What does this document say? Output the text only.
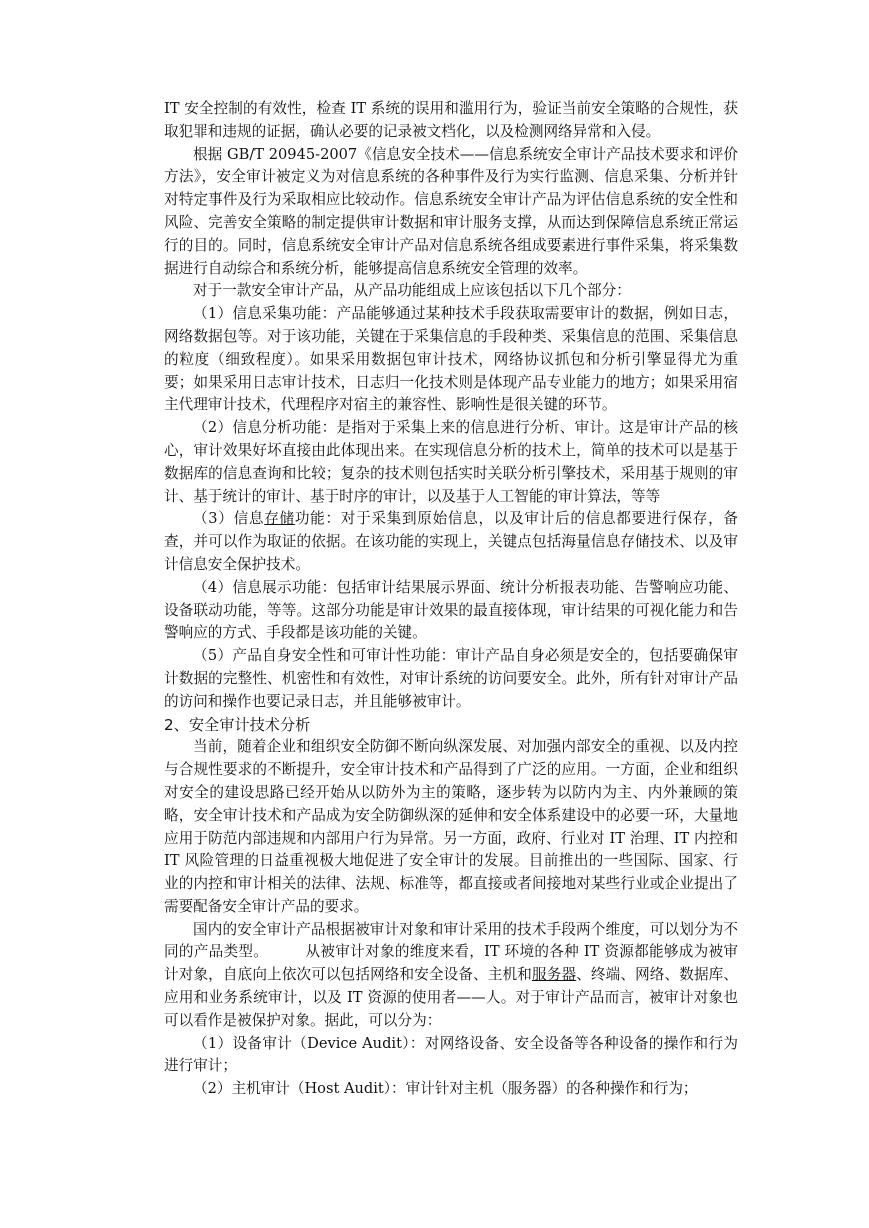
IT 安全控制的有效性，检查 IT 系统的误用和滥用行为，验证当前安全策略的合规性，获取犯罪和违规的证据，确认必要的记录被文档化，以及检测网络异常和入侵。

根据 GB/T 20945-2007《信息安全技术——信息系统安全审计产品技术要求和评价方法》，安全审计被定义为对信息系统的各种事件及行为实行监测、信息采集、分析并针对特定事件及行为采取相应比较动作。信息系统安全审计产品为评估信息系统的安全性和风险、完善安全策略的制定提供审计数据和审计服务支撑，从而达到保障信息系统正常运行的目的。同时，信息系统安全审计产品对信息系统各组成要素进行事件采集，将采集数据进行自动综合和系统分析，能够提高信息系统安全管理的效率。

对于一款安全审计产品，从产品功能组成上应该包括以下几个部分：

（1）信息采集功能：产品能够通过某种技术手段获取需要审计的数据，例如日志，网络数据包等。对于该功能，关键在于采集信息的手段种类、采集信息的范围、采集信息的粒度（细致程度）。如果采用数据包审计技术，网络协议抓包和分析引擎显得尤为重要；如果采用日志审计技术，日志归一化技术则是体现产品专业能力的地方；如果采用宿主代理审计技术，代理程序对宿主的兼容性、影响性是很关键的环节。

（2）信息分析功能：是指对于采集上来的信息进行分析、审计。这是审计产品的核心，审计效果好坏直接由此体现出来。在实现信息分析的技术上，简单的技术可以是基于数据库的信息查询和比较；复杂的技术则包括实时关联分析引擎技术，采用基于规则的审计、基于统计的审计、基于时序的审计，以及基于人工智能的审计算法，等等

（3）信息存储功能：对于采集到原始信息，以及审计后的信息都要进行保存，备查，并可以作为取证的依据。在该功能的实现上，关键点包括海量信息存储技术、以及审计信息安全保护技术。

（4）信息展示功能：包括审计结果展示界面、统计分析报表功能、告警响应功能、设备联动功能，等等。这部分功能是审计效果的最直接体现，审计结果的可视化能力和告警响应的方式、手段都是该功能的关键。

（5）产品自身安全性和可审计性功能：审计产品自身必须是安全的，包括要确保审计数据的完整性、机密性和有效性，对审计系统的访问要安全。此外，所有针对审计产品的访问和操作也要记录日志，并且能够被审计。

2、安全审计技术分析

当前，随着企业和组织安全防御不断向纵深发展、对加强内部安全的重视、以及内控与合规性要求的不断提升，安全审计技术和产品得到了广泛的应用。一方面，企业和组织对安全的建设思路已经开始从以防外为主的策略，逐步转为以防内为主、内外兼顾的策略，安全审计技术和产品成为安全防御纵深的延伸和安全体系建设中的必要一环，大量地应用于防范内部违规和内部用户行为异常。另一方面，政府、行业对 IT 治理、IT 内控和 IT 风险管理的日益重视极大地促进了安全审计的发展。目前推出的一些国际、国家、行业的内控和审计相关的法律、法规、标准等，都直接或者间接地对某些行业或企业提出了需要配备安全审计产品的要求。

国内的安全审计产品根据被审计对象和审计采用的技术手段两个维度，可以划分为不同的产品类型。　　　从被审计对象的维度来看，IT 环境的各种 IT 资源都能够成为被审计对象，自底向上依次可以包括网络和安全设备、主机和服务器、终端、网络、数据库、应用和业务系统审计，以及 IT 资源的使用者——人。对于审计产品而言，被审计对象也可以看作是被保护对象。据此，可以分为：

（1）设备审计（Device Audit）：对网络设备、安全设备等各种设备的操作和行为进行审计；

（2）主机审计（Host Audit）：审计针对主机（服务器）的各种操作和行为；
